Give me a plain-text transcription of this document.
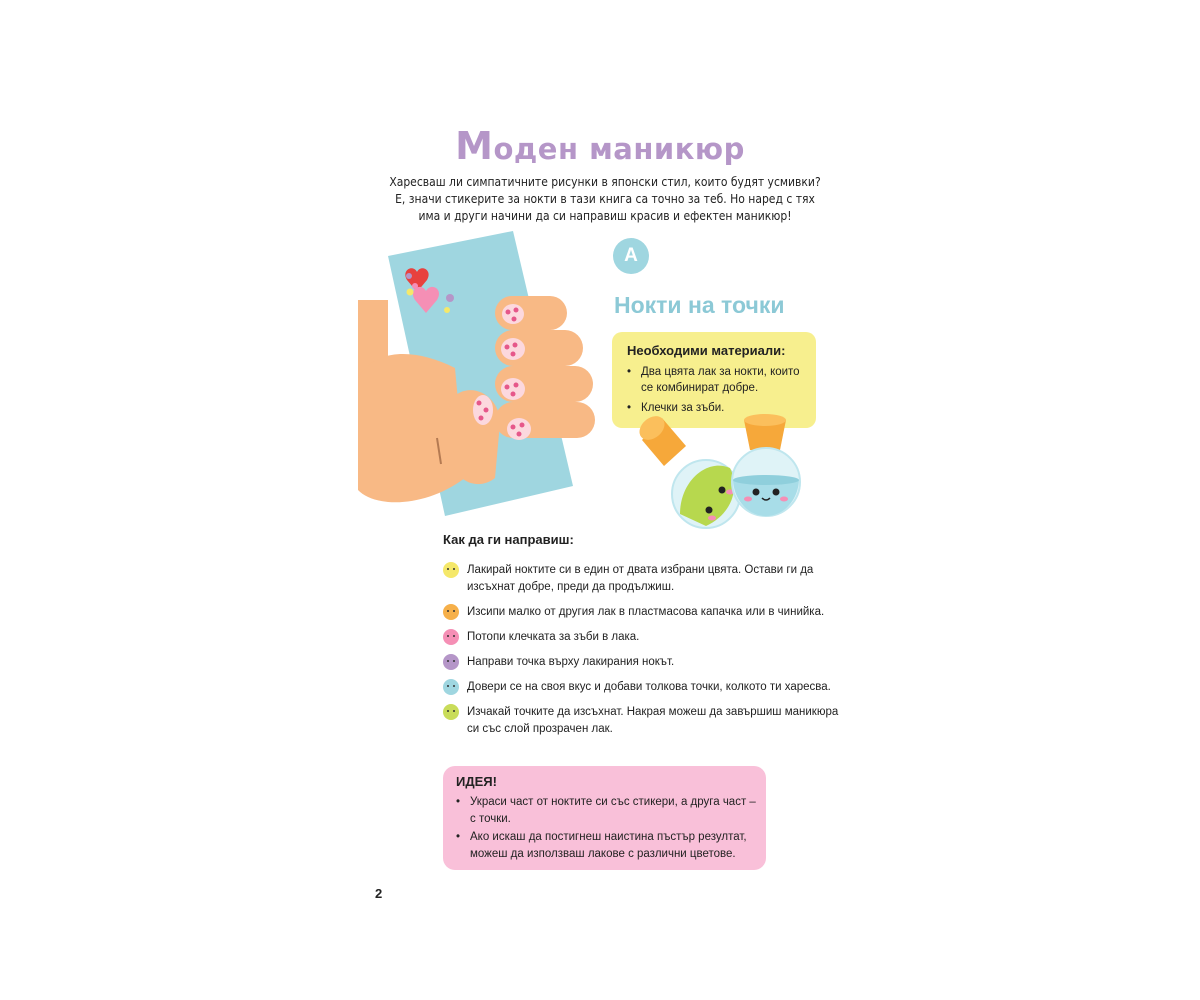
Моден маникюр
Харесваш ли симпатичните рисунки в японски стил, които будят усмивки?
Е, значи стикерите за нокти в тази книга са точно за теб. Но наред с тях
има и други начини да си направиш красив и ефектен маникюр!
А
Нокти на точки
Необходими материали:
• Два цвята лак за нокти, които се комбинират добре.
• Клечки за зъби.
Как да ги направиш:
Лакирай ноктите си в един от двата избрани цвята. Остави ги да изсъхнат добре, преди да продължиш.
Изсипи малко от другия лак в пластмасова капачка или в чинийка.
Потопи клечката за зъби в лака.
Направи точка върху лакирания нокът.
Довери се на своя вкус и добави толкова точки, колкото ти харесва.
Изчакай точките да изсъхнат. Накрая можеш да завършиш маникюра си със слой прозрачен лак.
ИДЕЯ!
• Украси част от ноктите си със стикери, а друга част – с точки.
• Ако искаш да постигнеш наистина пъстър резултат, можеш да използваш лакове с различни цветове.
2
